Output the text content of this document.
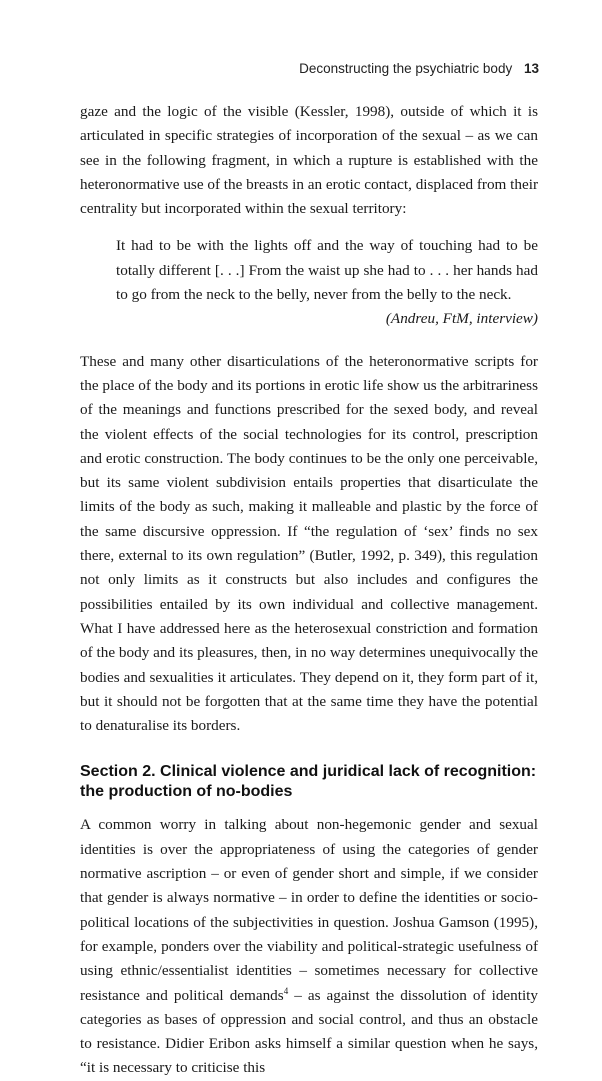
Deconstructing the psychiatric body 13

gaze and the logic of the visible (Kessler, 1998), outside of which it is articulated in specific strategies of incorporation of the sexual – as we can see in the following fragment, in which a rupture is established with the heteronormative use of the breasts in an erotic contact, displaced from their centrality but incorporated within the sexual territory:

It had to be with the lights off and the way of touching had to be totally different [. . .] From the waist up she had to . . . her hands had to go from the neck to the belly, never from the belly to the neck.
(Andreu, FtM, interview)

These and many other disarticulations of the heteronormative scripts for the place of the body and its portions in erotic life show us the arbitrariness of the meanings and functions prescribed for the sexed body, and reveal the violent effects of the social technologies for its control, prescription and erotic construction. The body continues to be the only one perceivable, but its same violent subdivision entails properties that disarticulate the limits of the body as such, making it malleable and plastic by the force of the same discursive oppression. If “the regulation of ‘sex’ finds no sex there, external to its own regulation” (Butler, 1992, p. 349), this regulation not only limits as it constructs but also includes and configures the possibilities entailed by its own individual and collective management. What I have addressed here as the heterosexual constriction and formation of the body and its pleasures, then, in no way determines unequivocally the bodies and sexualities it articulates. They depend on it, they form part of it, but it should not be forgotten that at the same time they have the potential to denaturalise its borders.

Section 2. Clinical violence and juridical lack of recognition: the production of no-bodies

A common worry in talking about non-hegemonic gender and sexual identities is over the appropriateness of using the categories of gender normative ascription – or even of gender short and simple, if we consider that gender is always normative – in order to define the identities or socio-political locations of the subjectivities in question. Joshua Gamson (1995), for example, ponders over the viability and political-strategic usefulness of using ethnic/essentialist identities – sometimes necessary for collective resistance and political demands$^4$ – as against the dissolution of identity categories as bases of oppression and social control, and thus an obstacle to resistance. Didier Eribon asks himself a similar question when he says, “it is necessary to criticise this
